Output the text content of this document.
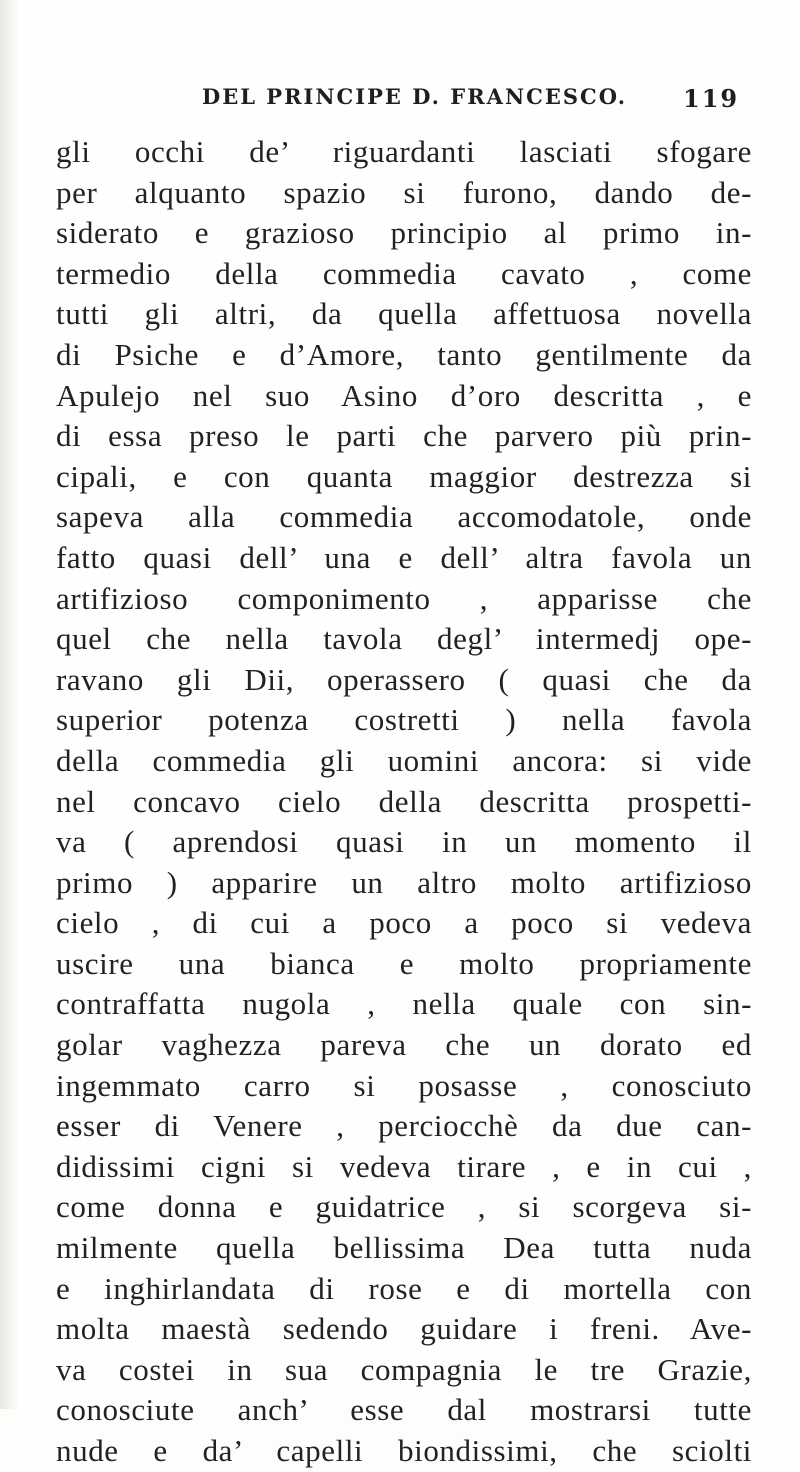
DEL PRINCIPE D. FRANCESCO. 119
gli occhi de’ riguardanti lasciati sfogare
per alquanto spazio si furono, dando de-
siderato e grazioso principio al primo in-
termedio della commedia cavato , come
tutti gli altri, da quella affettuosa novella
di Psiche e d’Amore, tanto gentilmente da
Apulejo nel suo Asino d’oro descritta , e
di essa preso le parti che parvero più prin-
cipali, e con quanta maggior destrezza si
sapeva alla commedia accomodatole, onde
fatto quasi dell’ una e dell’ altra favola un
artifizioso componimento , apparisse che
quel che nella tavola degl’ intermedj ope-
ravano gli Dii, operassero ( quasi che da
superior potenza costretti ) nella favola
della commedia gli uomini ancora: si vide
nel concavo cielo della descritta prospetti-
va ( aprendosi quasi in un momento il
primo ) apparire un altro molto artifizioso
cielo , di cui a poco a poco si vedeva
uscire una bianca e molto propriamente
contraffatta nugola , nella quale con sin-
golar vaghezza pareva che un dorato ed
ingemmato carro si posasse , conosciuto
esser di Venere , perciocchè da due can-
didissimi cigni si vedeva tirare , e in cui ,
come donna e guidatrice , si scorgeva si-
milmente quella bellissima Dea tutta nuda
e inghirlandata di rose e di mortella con
molta maestà sedendo guidare i freni. Ave-
va costei in sua compagnia le tre Grazie,
conosciute anch’ esse dal mostrarsi tutte
nude e da’ capelli biondissimi, che sciolti
